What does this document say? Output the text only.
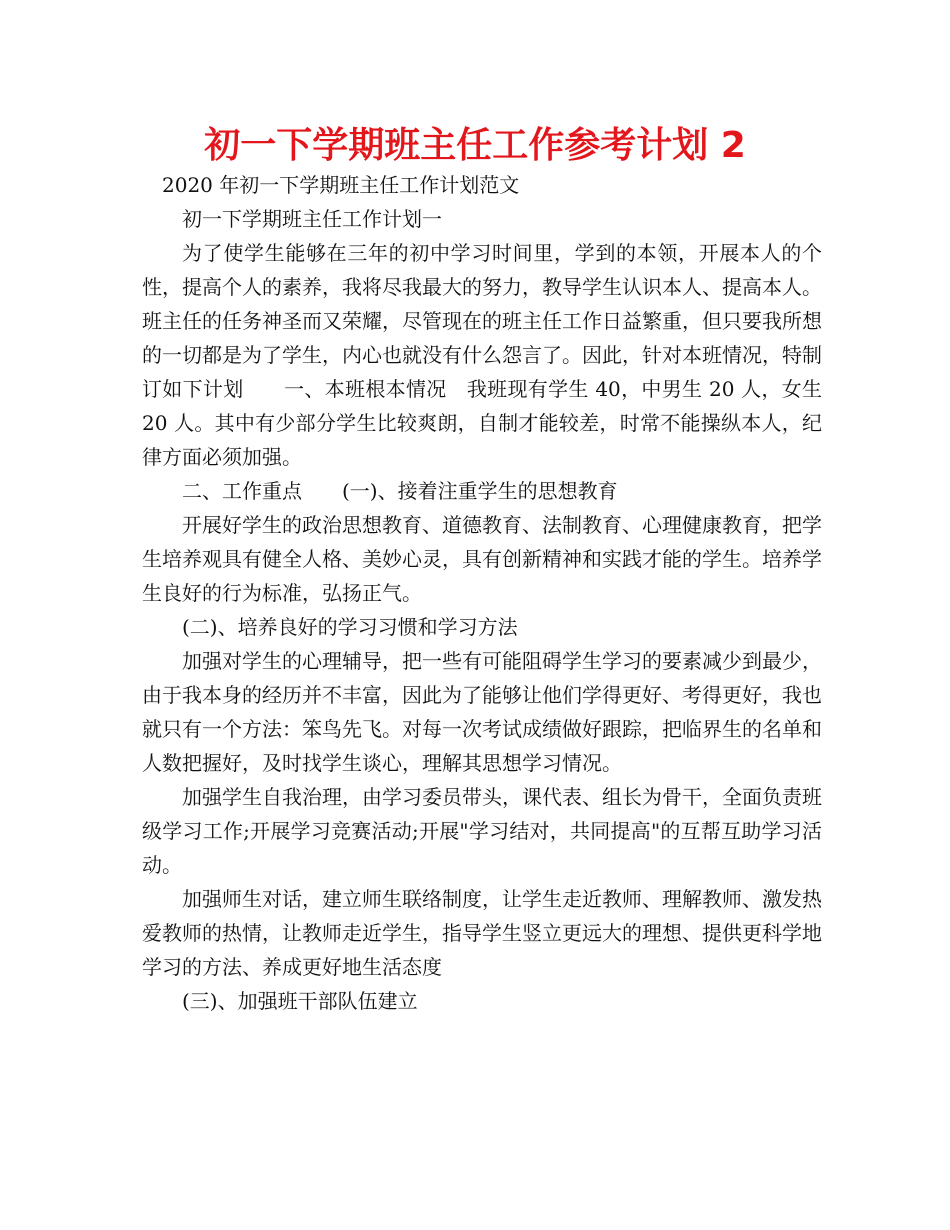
初一下学期班主任工作参考计划 2

2020 年初一下学期班主任工作计划范文

初一下学期班主任工作计划一

为了使学生能够在三年的初中学习时间里，学到的本领，开展本人的个性，提高个人的素养，我将尽我最大的努力，教导学生认识本人、提高本人。班主任的任务神圣而又荣耀，尽管现在的班主任工作日益繁重，但只要我所想的一切都是为了学生，内心也就没有什么怨言了。因此，针对本班情况，特制订如下计划　　一、本班根本情况　我班现有学生 40，中男生 20 人，女生 20 人。其中有少部分学生比较爽朗，自制才能较差，时常不能操纵本人，纪律方面必须加强。

二、工作重点　　(一)、接着注重学生的思想教育

开展好学生的政治思想教育、道德教育、法制教育、心理健康教育，把学生培养观具有健全人格、美妙心灵，具有创新精神和实践才能的学生。培养学生良好的行为标准，弘扬正气。

(二)、培养良好的学习习惯和学习方法

加强对学生的心理辅导，把一些有可能阻碍学生学习的要素减少到最少，由于我本身的经历并不丰富，因此为了能够让他们学得更好、考得更好，我也就只有一个方法：笨鸟先飞。对每一次考试成绩做好跟踪，把临界生的名单和人数把握好，及时找学生谈心，理解其思想学习情况。

加强学生自我治理，由学习委员带头，课代表、组长为骨干，全面负责班级学习工作;开展学习竞赛活动;开展"学习结对，共同提高"的互帮互助学习活动。

加强师生对话，建立师生联络制度，让学生走近教师、理解教师、激发热爱教师的热情，让教师走近学生，指导学生竖立更远大的理想、提供更科学地学习的方法、养成更好地生活态度

(三)、加强班干部队伍建立
